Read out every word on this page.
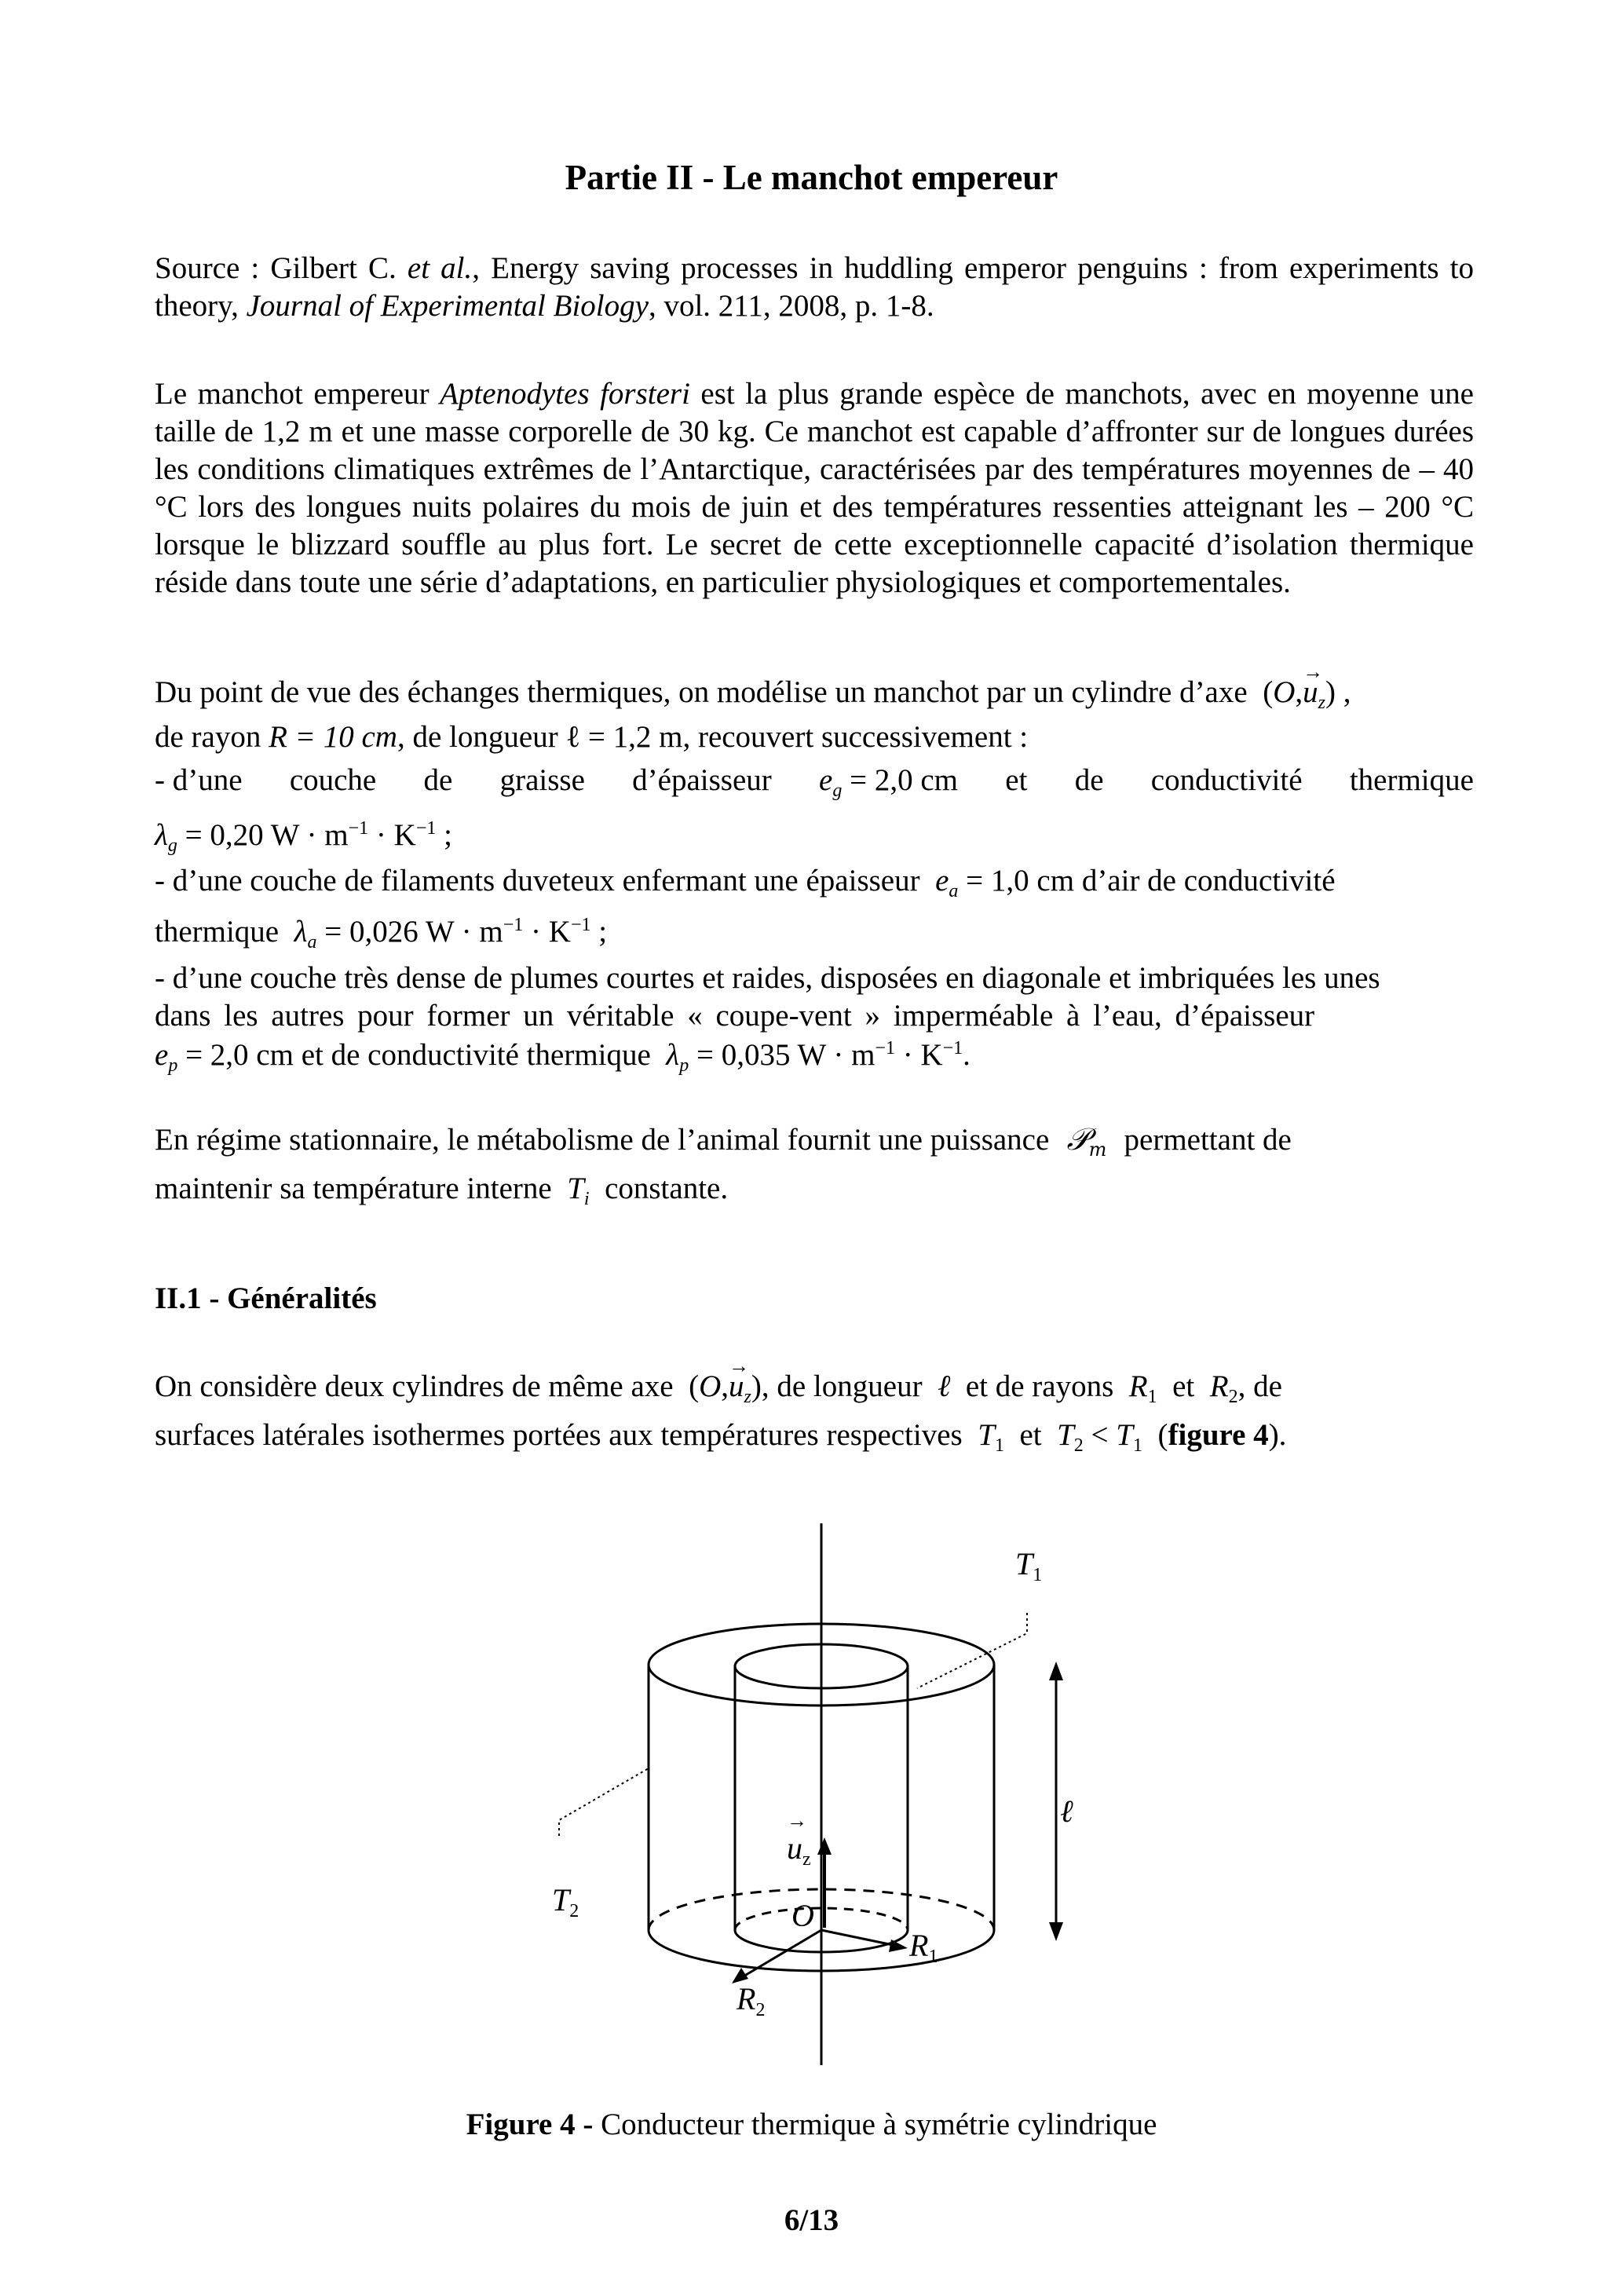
Partie II - Le manchot empereur
Source : Gilbert C. et al., Energy saving processes in huddling emperor penguins : from experiments to theory, Journal of Experimental Biology, vol. 211, 2008, p. 1-8.
Le manchot empereur Aptenodytes forsteri est la plus grande espèce de manchots, avec en moyenne une taille de 1,2 m et une masse corporelle de 30 kg. Ce manchot est capable d’affronter sur de longues durées les conditions climatiques extrêmes de l’Antarctique, caractérisées par des températures moyennes de – 40 °C lors des longues nuits polaires du mois de juin et des températures ressenties atteignant les – 200 °C lorsque le blizzard souffle au plus fort. Le secret de cette exceptionnelle capacité d’isolation thermique réside dans toute une série d’adaptations, en particulier physiologiques et comportementales.
Du point de vue des échanges thermiques, on modélise un manchot par un cylindre d’axe  $(O,\to u_z)$ ,
de rayon R = 10 cm, de longueur ℓ = 1,2 m, recouvert successivement :
- d’une couche de graisse d’épaisseur $e_g = 2,0$ cm et de conductivité thermique
$\lambda_g = 0,20$ $W \cdot m^{-1} \cdot K^{-1}$ ;
- d’une couche de filaments duveteux enfermant une épaisseur $e_a = 1,0$ cm d’air de conductivité
thermique $\lambda_a = 0,026$ $W \cdot m^{-1} \cdot K^{-1}$ ;
- d’une couche très dense de plumes courtes et raides, disposées en diagonale et imbriquées les unes
dans les autres pour former un véritable « coupe-vent » imperméable à l’eau, d’épaisseur
$e_p = 2,0$ cm et de conductivité thermique $\lambda_p = 0,035$ $W \cdot m^{-1} \cdot K^{-1}$.
En régime stationnaire, le métabolisme de l’animal fournit une puissance  𝒫$_m$ permettant de
maintenir sa température interne $T_i$ constante.
II.1 - Généralités
On considère deux cylindres de même axe  $(O,\to u_z)$, de longueur  ℓ  et de rayons $R_1$ et $R_2$, de
surfaces latérales isothermes portées aux températures respectives $T_1$ et $T_2 < T_1$ (figure 4).
$T_1$
$T_2$
ℓ
→ $u_z$
O
$R_1$
$R_2$
Figure 4 - Conducteur thermique à symétrie cylindrique
6/13
